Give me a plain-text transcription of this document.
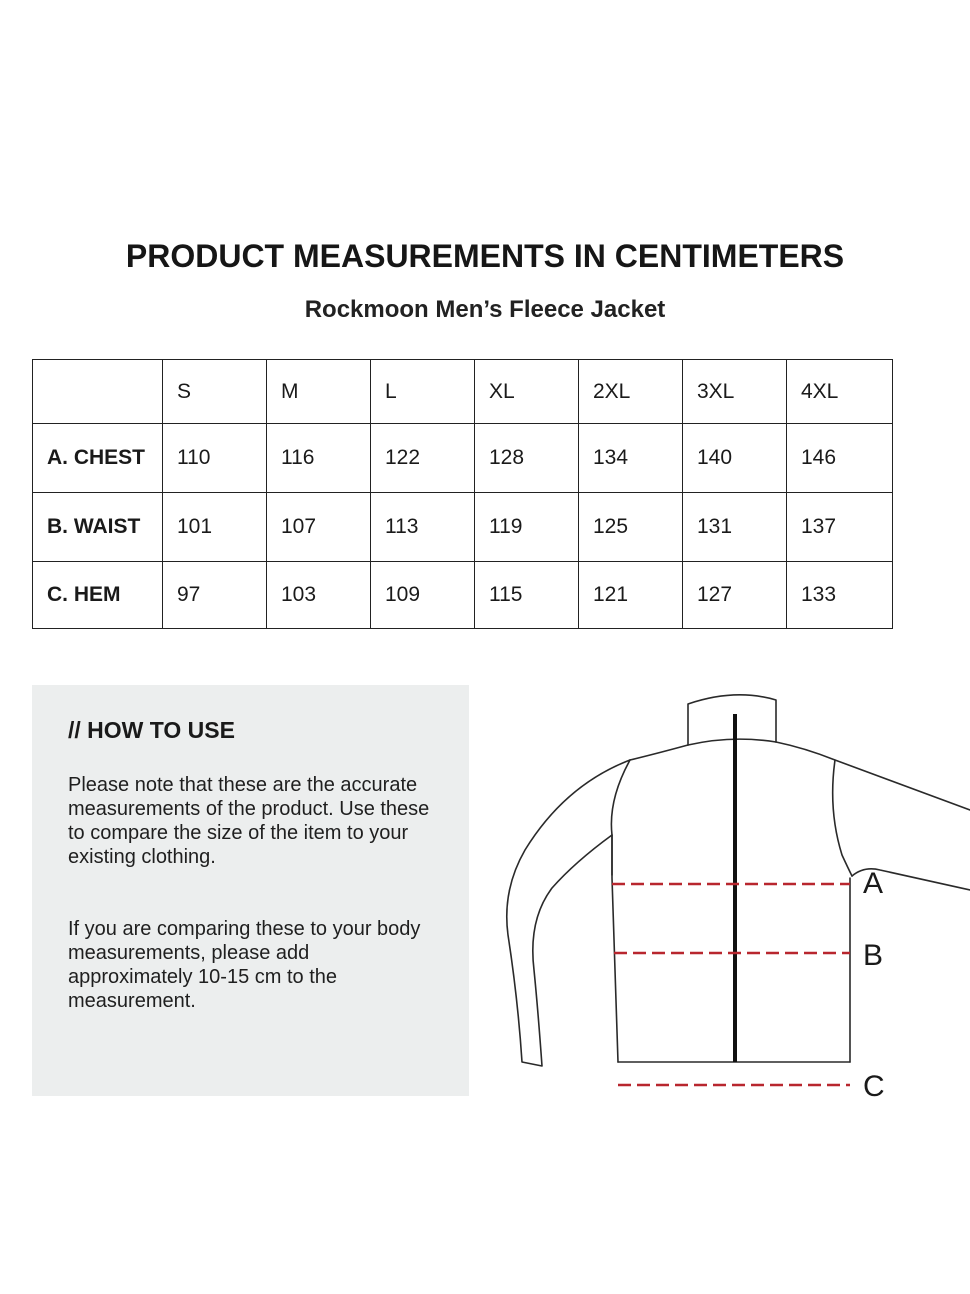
PRODUCT MEASUREMENTS IN CENTIMETERS
Rockmoon Men’s Fleece Jacket
	S	M	L	XL	2XL	3XL	4XL
A. CHEST	110	116	122	128	134	140	146
B. WAIST	101	107	113	119	125	131	137
C. HEM	97	103	109	115	121	127	133
// HOW TO USE
Please note that these are the accurate measurements of the product. Use these to compare the size of the item to your existing clothing.
If you are comparing these to your body measurements, please add approximately 10-15 cm to the measurement.
A
B
C
